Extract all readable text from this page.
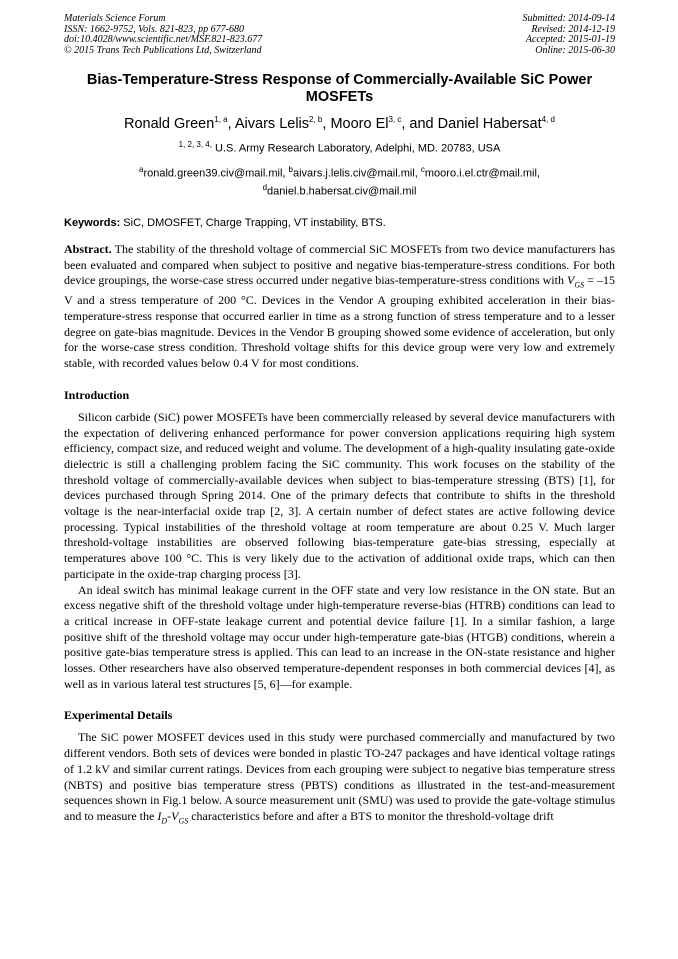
Materials Science Forum
ISSN: 1662-9752, Vols. 821-823, pp 677-680
doi:10.4028/www.scientific.net/MSF.821-823.677
© 2015 Trans Tech Publications Ltd, Switzerland
Submitted: 2014-09-14
Revised: 2014-12-19
Accepted: 2015-01-19
Online: 2015-06-30
Bias-Temperature-Stress Response of Commercially-Available SiC Power MOSFETs
Ronald Green$^{1, a}$, Aivars Lelis$^{2, b}$, Mooro El$^{3, c}$, and Daniel Habersat$^{4, d}$
$^{1, 2, 3, 4,}$ U.S. Army Research Laboratory, Adelphi, MD. 20783, USA
$^a$ronald.green39.civ@mail.mil, $^b$aivars.j.lelis.civ@mail.mil, $^c$mooro.i.el.ctr@mail.mil,
$^d$daniel.b.habersat.civ@mail.mil
Keywords: SiC, DMOSFET, Charge Trapping, VT instability, BTS.

Abstract. The stability of the threshold voltage of commercial SiC MOSFETs from two device manufacturers has been evaluated and compared when subject to positive and negative bias-temperature-stress conditions. For both device groupings, the worse-case stress occurred under negative bias-temperature-stress conditions with $V_{GS} = -15$ V and a stress temperature of 200 °C. Devices in the Vendor A grouping exhibited acceleration in their bias-temperature-stress response that occurred earlier in time as a strong function of stress temperature and to a lesser degree on gate-bias magnitude. Devices in the Vendor B grouping showed some evidence of acceleration, but only for the worse-case stress condition. Threshold voltage shifts for this device group were very low and extremely stable, with recorded values below 0.4 V for most conditions.

Introduction

Silicon carbide (SiC) power MOSFETs have been commercially released by several device manufacturers with the expectation of delivering enhanced performance for power conversion applications requiring high system efficiency, compact size, and reduced weight and volume. The development of a high-quality insulating gate-oxide dielectric is still a challenging problem facing the SiC community. This work focuses on the stability of the threshold voltage of commercially-available devices when subject to bias-temperature stressing (BTS) [1], for devices purchased through Spring 2014. One of the primary defects that contribute to shifts in the threshold voltage is the near-interfacial oxide trap [2, 3]. A certain number of defect states are active following device processing. Typical instabilities of the threshold voltage at room temperature are about 0.25 V. Much larger threshold-voltage instabilities are observed following bias-temperature gate-bias stressing, especially at temperatures above 100 °C. This is very likely due to the activation of additional oxide traps, which can then participate in the oxide-trap charging process [3].

An ideal switch has minimal leakage current in the OFF state and very low resistance in the ON state. But an excess negative shift of the threshold voltage under high-temperature reverse-bias (HTRB) conditions can lead to a critical increase in OFF-state leakage current and potential device failure [1]. In a similar fashion, a large positive shift of the threshold voltage may occur under high-temperature gate-bias (HTGB) conditions, wherein a positive gate-bias temperature stress is applied. This can lead to an increase in the ON-state resistance and higher losses. Other researchers have also observed temperature-dependent responses in both commercial devices [4], as well as in various lateral test structures [5, 6]—for example.

Experimental Details

The SiC power MOSFET devices used in this study were purchased commercially and manufactured by two different vendors. Both sets of devices were bonded in plastic TO-247 packages and have identical voltage ratings of 1.2 kV and similar current ratings. Devices from each grouping were subject to negative bias temperature stress (NBTS) and positive bias temperature stress (PBTS) conditions as illustrated in the test-and-measurement sequences shown in Fig.1 below. A source measurement unit (SMU) was used to provide the gate-voltage stimulus and to measure the $I_D-V_{GS}$ characteristics before and after a BTS to monitor the threshold-voltage drift
